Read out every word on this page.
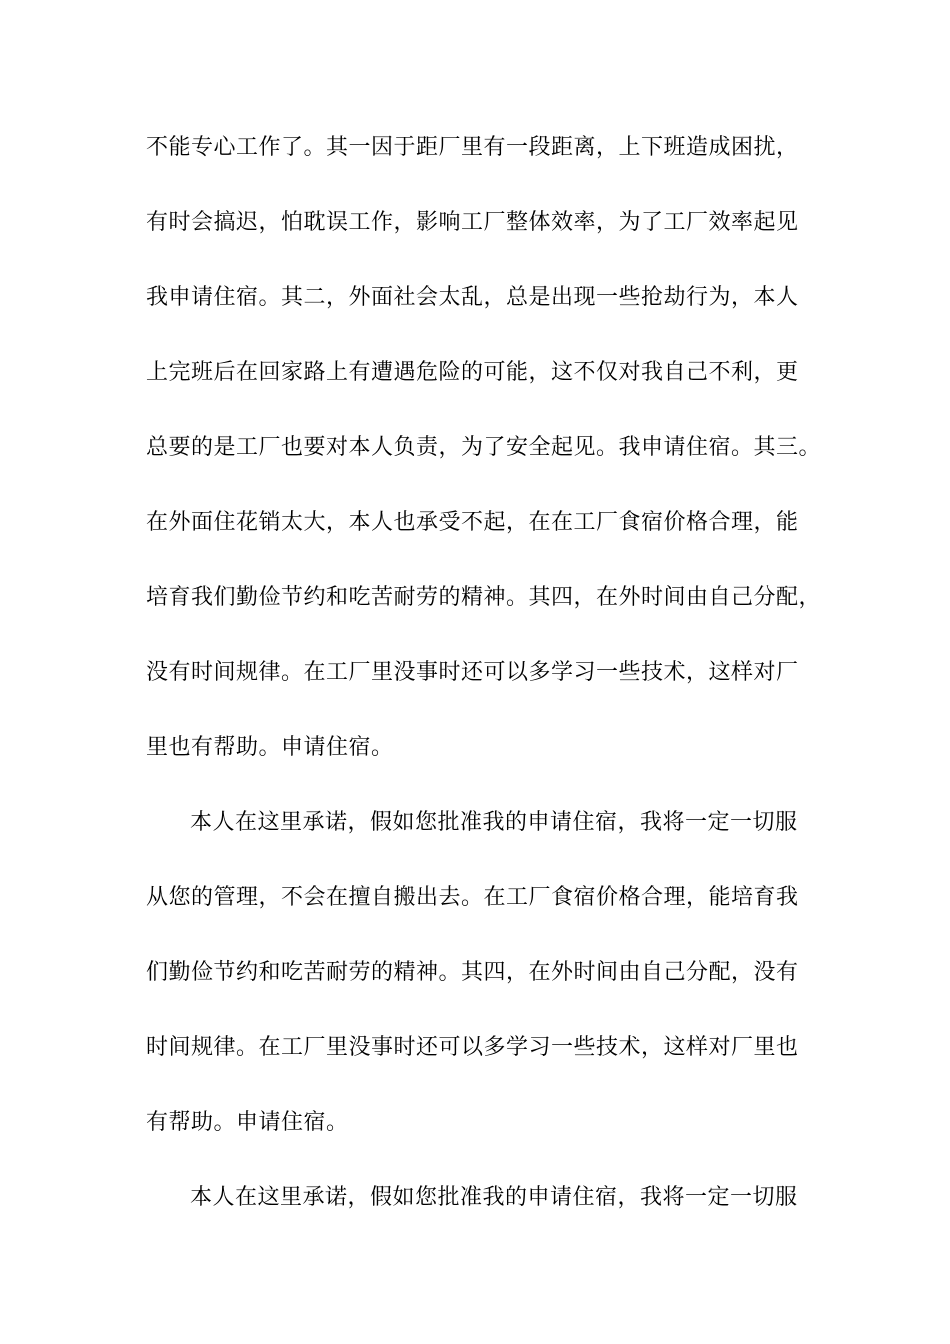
不能专心工作了。其一因于距厂里有一段距离，上下班造成困扰，
有时会搞迟，怕耽误工作，影响工厂整体效率，为了工厂效率起见
我申请住宿。其二，外面社会太乱，总是出现一些抢劫行为，本人
上完班后在回家路上有遭遇危险的可能，这不仅对我自己不利，更
总要的是工厂也要对本人负责，为了安全起见。我申请住宿。其三。
在外面住花销太大，本人也承受不起，在在工厂食宿价格合理，能
培育我们勤俭节约和吃苦耐劳的精神。其四，在外时间由自己分配，
没有时间规律。在工厂里没事时还可以多学习一些技术，这样对厂
里也有帮助。申请住宿。
本人在这里承诺，假如您批准我的申请住宿，我将一定一切服
从您的管理，不会在擅自搬出去。在工厂食宿价格合理，能培育我
们勤俭节约和吃苦耐劳的精神。其四，在外时间由自己分配，没有
时间规律。在工厂里没事时还可以多学习一些技术，这样对厂里也
有帮助。申请住宿。
本人在这里承诺，假如您批准我的申请住宿，我将一定一切服
